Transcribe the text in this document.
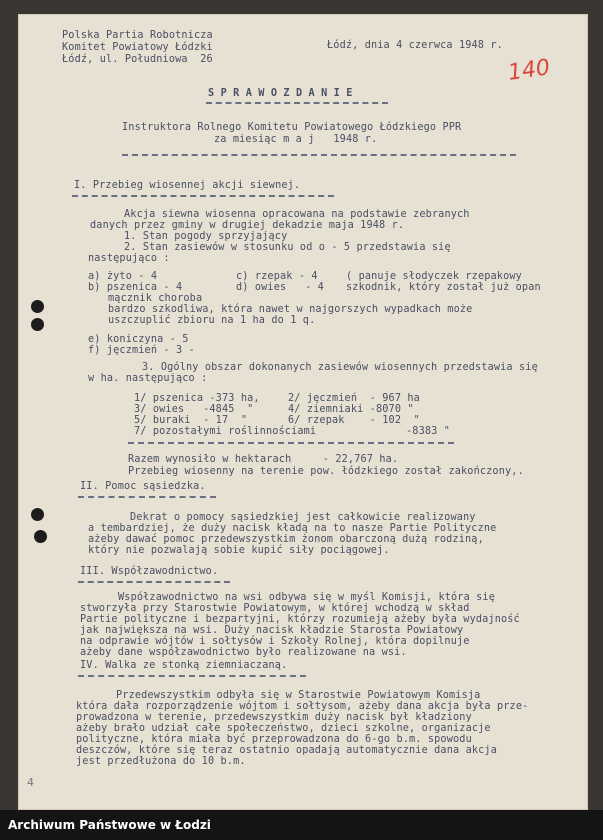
Polska Partia Robotnicza
Komitet Powiatowy Łódzki
Łódź, ul. Południowa  26
Łódź, dnia 4 czerwca 1948 r.
140
S P R A W O Z D A N I E
Instruktora Rolnego Komitetu Powiatowego Łódzkiego PPR
za miesiąc m a j   1948 r.
I. Przebieg wiosennej akcji siewnej.
Akcja siewna wiosenna opracowana na podstawie zebranych
danych przez gminy w drugiej dekadzie maja 1948 r.
1. Stan pogody sprzyjający
2. Stan zasiewów w stosunku od o - 5 przedstawia się
następująco :
a) żyto - 4	c) rzepak - 4	( panuje słodyczek rzepakowy
b) pszenica - 4	d) owies   - 4 szkodnik, który został już opan
mącznik choroba
bardzo szkodliwa, która nawet w najgorszych wypadkach może
uszczuplić zbioru na 1 ha do 1 q.
e) koniczyna - 5
f) jęczmień - 3 -
3. Ogólny obszar dokonanych zasiewów wiosennych przedstawia się
w ha. następująco :
1/ pszenica -373 ha,	2/ jęczmień  - 967 ha
3/ owies   -4845  "	4/ ziemniaki -8070 "
5/ buraki  - 17  "	6/ rzepak    - 102  "
7/ pozostałymi roślinnościami	-8383 "
Razem wynosiło w hektarach     - 22,767 ha.
Przebieg wiosenny na terenie pow. łódzkiego został zakończony,.
II. Pomoc sąsiedzka.
Dekrat o pomocy sąsiedzkiej jest całkowicie realizowany
a tembardziej, że duży nacisk kładą na to nasze Partie Polityczne
ażeby dawać pomoc przedewszystkim żonom obarczoną dużą rodziną,
który nie pozwalają sobie kupić siły pociągowej.
III. Współzawodnictwo.
Współzawodnictwo na wsi odbywa się w myśl Komisji, która się
stworzyła przy Starostwie Powiatowym, w której wchodzą w skład
Partie polityczne i bezpartyjni, którzy rozumieją ażeby była wydajność
jak największa na wsi. Duży nacisk kładzie Starosta Powiatowy
na odprawie wójtów i sołtysów i Szkoły Rolnej, która dopilnuje
ażeby dane współzawodnictwo było realizowane na wsi.
IV. Walka ze stonką ziemniaczaną.
Przedewszystkim odbyła się w Starostwie Powiatowym Komisja
która dała rozporządzenie wójtom i sołtysom, ażeby dana akcja była prze-
prowadzona w terenie, przedewszystkim duży nacisk był kładziony
ażeby brało udział całe społeczeństwo, dzieci szkolne, organizacje
polityczne, która miała być przeprowadzona do 6-go b.m. spowodu
deszczów, które się teraz ostatnio opadają automatycznie dana akcja
jest przedłużona do 10 b.m.
4
Archiwum Państwowe w Łodzi
